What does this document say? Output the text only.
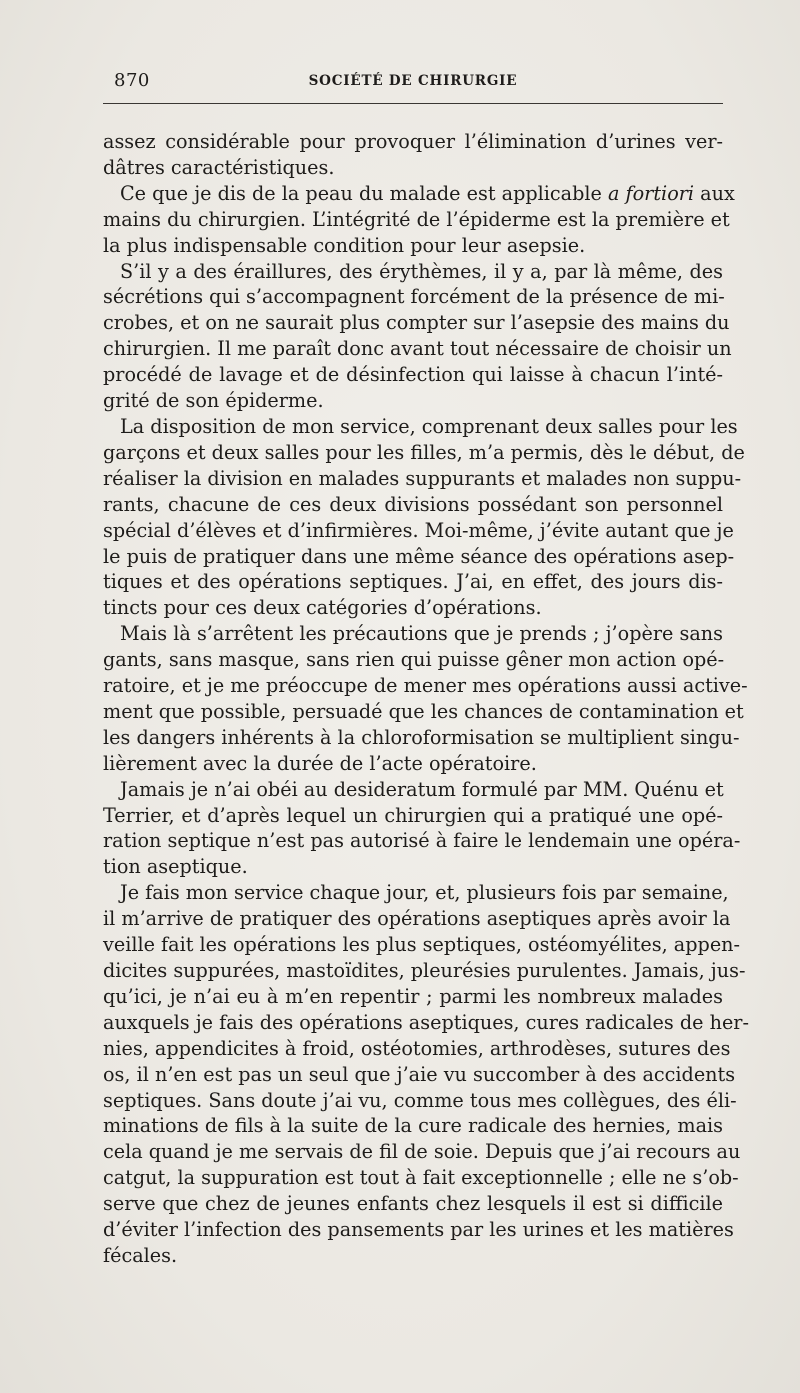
870	SOCIÉTÉ DE CHIRURGIE

assez considérable pour provoquer l’élimination d’urines ver-
dâtres caractéristiques.

Ce que je dis de la peau du malade est applicable a fortiori aux
mains du chirurgien. L’intégrité de l’épiderme est la première et
la plus indispensable condition pour leur asepsie.

S’il y a des éraillures, des érythèmes, il y a, par là même, des
sécrétions qui s’accompagnent forcément de la présence de mi-
crobes, et on ne saurait plus compter sur l’asepsie des mains du
chirurgien. Il me paraît donc avant tout nécessaire de choisir un
procédé de lavage et de désinfection qui laisse à chacun l’inté-
grité de son épiderme.

La disposition de mon service, comprenant deux salles pour les
garçons et deux salles pour les filles, m’a permis, dès le début, de
réaliser la division en malades suppurants et malades non suppu-
rants, chacune de ces deux divisions possédant son personnel
spécial d’élèves et d’infirmières. Moi-même, j’évite autant que je
le puis de pratiquer dans une même séance des opérations asep-
tiques et des opérations septiques. J’ai, en effet, des jours dis-
tincts pour ces deux catégories d’opérations.

Mais là s’arrêtent les précautions que je prends ; j’opère sans
gants, sans masque, sans rien qui puisse gêner mon action opé-
ratoire, et je me préoccupe de mener mes opérations aussi active-
ment que possible, persuadé que les chances de contamination et
les dangers inhérents à la chloroformisation se multiplient singu-
lièrement avec la durée de l’acte opératoire.

Jamais je n’ai obéi au desideratum formulé par MM. Quénu et
Terrier, et d’après lequel un chirurgien qui a pratiqué une opé-
ration septique n’est pas autorisé à faire le lendemain une opéra-
tion aseptique.

Je fais mon service chaque jour, et, plusieurs fois par semaine,
il m’arrive de pratiquer des opérations aseptiques après avoir la
veille fait les opérations les plus septiques, ostéomyélites, appen-
dicites suppurées, mastoïdites, pleurésies purulentes. Jamais, jus-
qu’ici, je n’ai eu à m’en repentir ; parmi les nombreux malades
auxquels je fais des opérations aseptiques, cures radicales de her-
nies, appendicites à froid, ostéotomies, arthrodèses, sutures des
os, il n’en est pas un seul que j’aie vu succomber à des accidents
septiques. Sans doute j’ai vu, comme tous mes collègues, des éli-
minations de fils à la suite de la cure radicale des hernies, mais
cela quand je me servais de fil de soie. Depuis que j’ai recours au
catgut, la suppuration est tout à fait exceptionnelle ; elle ne s’ob-
serve que chez de jeunes enfants chez lesquels il est si difficile
d’éviter l’infection des pansements par les urines et les matières
fécales.
